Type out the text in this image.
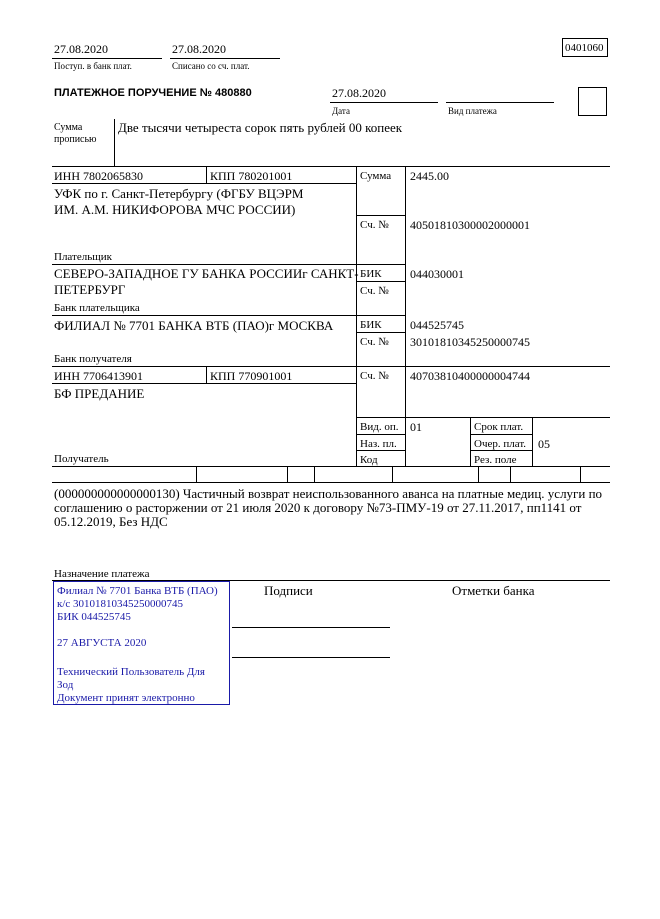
27.08.2020
Поступ. в банк плат.
27.08.2020
Списано со сч. плат.
0401060
ПЛАТЕЖНОЕ ПОРУЧЕНИЕ № 480880	27.08.2020
Дата	Вид платежа
Сумма
прописью
Две тысячи четыреста сорок пять рублей 00 копеек
ИНН 7802065830	КПП 780201001
УФК по г. Санкт-Петербургу (ФГБУ ВЦЭРМ
ИМ. А.М. НИКИФОРОВА МЧС РОССИИ)
Плательщик
Сумма 2445.00
Сч. № 40501810300002000001
СЕВЕРО-ЗАПАДНОЕ ГУ БАНКА РОССИИг САНКТ-
ПЕТЕРБУРГ
Банк плательщика
БИК 044030001
Сч. №
ФИЛИАЛ № 7701 БАНКА ВТБ (ПАО)г МОСКВА
Банк получателя
БИК 044525745
Сч. № 30101810345250000745
ИНН 7706413901	КПП 770901001
БФ ПРЕДАНИЕ
Получатель
Сч. № 40703810400000004744
Вид. оп. 01
Наз. пл.
Код
Срок плат.
Очер. плат. 05
Рез. поле
(000000000000000130) Частичный возврат неиспользованного аванса на платные медиц. услуги по
соглашению о расторжении от 21 июля 2020 к договору №73-ПМУ-19 от 27.11.2017, пп1141 от
05.12.2019, Без НДС
Назначение платежа
Подписи	Отметки банка
Филиал № 7701 Банка ВТБ (ПАО)
к/с 30101810345250000745
БИК 044525745
27 АВГУСТА 2020
Технический Пользователь Для
Зод
Документ принят электронно
